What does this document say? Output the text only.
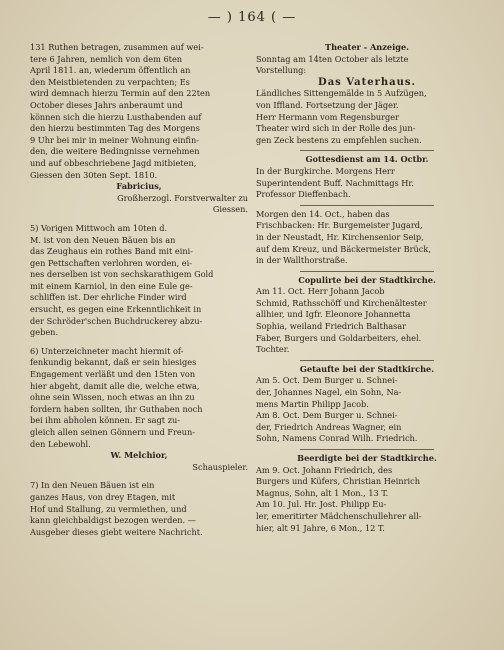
— ) 164 ( —

131 Ruthen betragen, zusammen auf wei-

tere 6 Jahren, nemlich von dem 6ten

April 1811. an, wiederum öffentlich an

den Meistbietenden zu verpachten; Es

wird demnach hierzu Termin auf den 22ten

October dieses Jahrs anberaumt und

können sich die hierzu Lusthabenden auf

den hierzu bestimmten Tag des Morgens

9 Uhr bei mir in meiner Wohnung einfin-

den, die weitere Bedingnisse vernehmen

und auf obbeschriebene Jagd mitbieten,

Giessen den 30ten Sept. 1810.

Fabricius,

Großherzogl. Forstverwalter zu

Giessen.

5) Vorigen Mittwoch am 10ten d.

M. ist von den Neuen Bäuen bis an

das Zeughaus ein rothes Band mit eini-

gen Pettschaften verlohren worden, ei-

nes derselben ist von sechskarathigem Gold

mit einem Karniol, in den eine Eule ge-

schliffen ist. Der ehrliche Finder wird

ersucht, es gegen eine Erkenntlichkeit in

der Schröder'schen Buchdruckerey abzu-

geben.

6) Unterzeichneter macht hiermit of-

fenkundig bekannt, daß er sein hiesiges

Engagement verläßt und den 15ten von

hier abgeht, damit alle die, welche etwa,

ohne sein Wissen, noch etwas an ihn zu

fordern haben sollten, ihr Guthaben noch

bei ihm abholen können. Er sagt zu-

gleich allen seinen Gönnern und Freun-

den Lebewohl.

W. Melchior,

Schauspieler.

7) In den Neuen Bäuen ist ein

ganzes Haus, von drey Etagen, mit

Hof und Stallung, zu vermiethen, und

kann gleichbaldigst bezogen werden. —

Ausgeber dieses giebt weitere Nachricht.

Theater - Anzeige.

Sonntag am 14ten October als letzte

Vorstellung:

Das Vaterhaus.

Ländliches Sittengemälde in 5 Aufzügen,

von Iffland. Fortsetzung der Jäger.

Herr Hermann vom Regensburger

Theater wird sich in der Rolle des jun-

gen Zeck bestens zu empfehlen suchen.

Gottesdienst am 14. Octbr.

In der Burgkirche. Morgens Herr

Superintendent Buff. Nachmittags Hr.

Professor Dieffenbach.

Morgen den 14. Oct., haben das

Frischbacken: Hr. Burgemeister Jugard,

in der Neustadt, Hr. Kirchensenior Seip,

auf dem Kreuz, und Bäckermeister Brück,

in der Wallthorstraße.

Copulirte bei der Stadtkirche.

Am 11. Oct. Herr Johann Jacob

Schmid, Rathsschöff und Kirchenältester

allhier, und Igfr. Eleonore Johannetta

Sophia, weiland Friedrich Balthasar

Faber, Burgers und Goldarbeiters, ehel.

Tochter.

Getaufte bei der Stadtkirche.

Am 5. Oct. Dem Burger u. Schnei-

der, Johannes Nagel, ein Sohn, Na-

mens Martin Philipp Jacob.

Am 8. Oct. Dem Burger u. Schnei-

der, Friedrich Andreas Wagner, ein

Sohn, Namens Conrad Wilh. Friedrich.

Beerdigte bei der Stadtkirche.

Am 9. Oct. Johann Friedrich, des

Burgers und Küfers, Christian Heinrich

Magnus, Sohn, alt 1 Mon., 13 T.

Am 10. Jul. Hr. Jost. Philipp Eu-

ler, emeritirter Mädchenschullehrer all-

hier, alt 91 Jahre, 6 Mon., 12 T.
